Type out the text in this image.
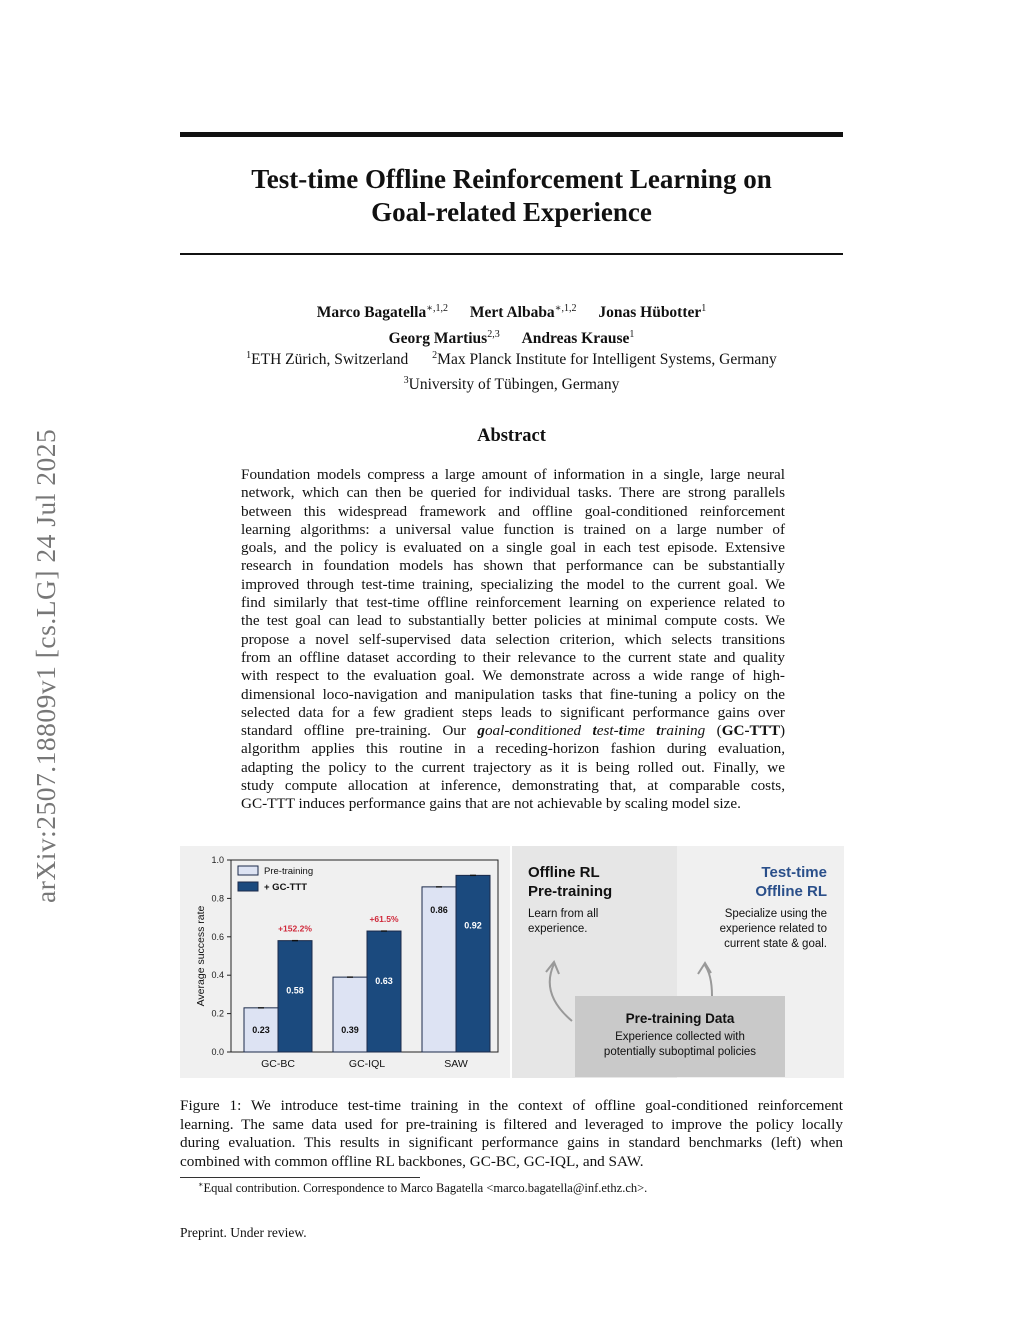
arXiv:2507.18809v1 [cs.LG] 24 Jul 2025
Test-time Offline Reinforcement Learning on
Goal-related Experience
Marco Bagatella$^{∗,1,2}$ Mert Albaba$^{∗,1,2}$ Jonas Hübotter$^1$
Georg Martius$^{2,3}$ Andreas Krause$^1$
$^1$ETH Zürich, Switzerland $^2$Max Planck Institute for Intelligent Systems, Germany
$^3$University of Tübingen, Germany
Abstract
Foundation models compress a large amount of information in a single, large neural
network, which can then be queried for individual tasks. There are strong parallels
between this widespread framework and offline goal-conditioned reinforcement
learning algorithms: a universal value function is trained on a large number of
goals, and the policy is evaluated on a single goal in each test episode. Extensive
research in foundation models has shown that performance can be substantially
improved through test-time training, specializing the model to the current goal. We
find similarly that test-time offline reinforcement learning on experience related to
the test goal can lead to substantially better policies at minimal compute costs. We
propose a novel self-supervised data selection criterion, which selects transitions
from an offline dataset according to their relevance to the current state and quality
with respect to the evaluation goal. We demonstrate across a wide range of high-
dimensional loco-navigation and manipulation tasks that fine-tuning a policy on the
selected data for a few gradient steps leads to significant performance gains over
standard offline pre-training. Our goal-conditioned test-time training (GC-TTT)
algorithm applies this routine in a receding-horizon fashion during evaluation,
adapting the policy to the current trajectory as it is being rolled out. Finally, we
study compute allocation at inference, demonstrating that, at comparable costs,
GC-TTT induces performance gains that are not achievable by scaling model size.
0.0
0.2
0.4
0.6
0.8
1.0
Average success rate
0.23
0.58
+152.2%
GC-BC
0.39
0.63
+61.5%
GC-IQL
0.86
0.92
SAW
Pre-training
+ GC-TTT
Offline RL
Pre-training
Learn from all
experience.
Test-time
Offline RL
Specialize using the
experience related to
current state & goal.
Pre-training Data
Experience collected with
potentially suboptimal policies
Figure 1: We introduce test-time training in the context of offline goal-conditioned reinforcement
learning. The same data used for pre-training is filtered and leveraged to improve the policy locally
during evaluation. This results in significant performance gains in standard benchmarks (left) when
combined with common offline RL backbones, GC-BC, GC-IQL, and SAW.
∗Equal contribution. Correspondence to Marco Bagatella <marco.bagatella@inf.ethz.ch>.
Preprint. Under review.
